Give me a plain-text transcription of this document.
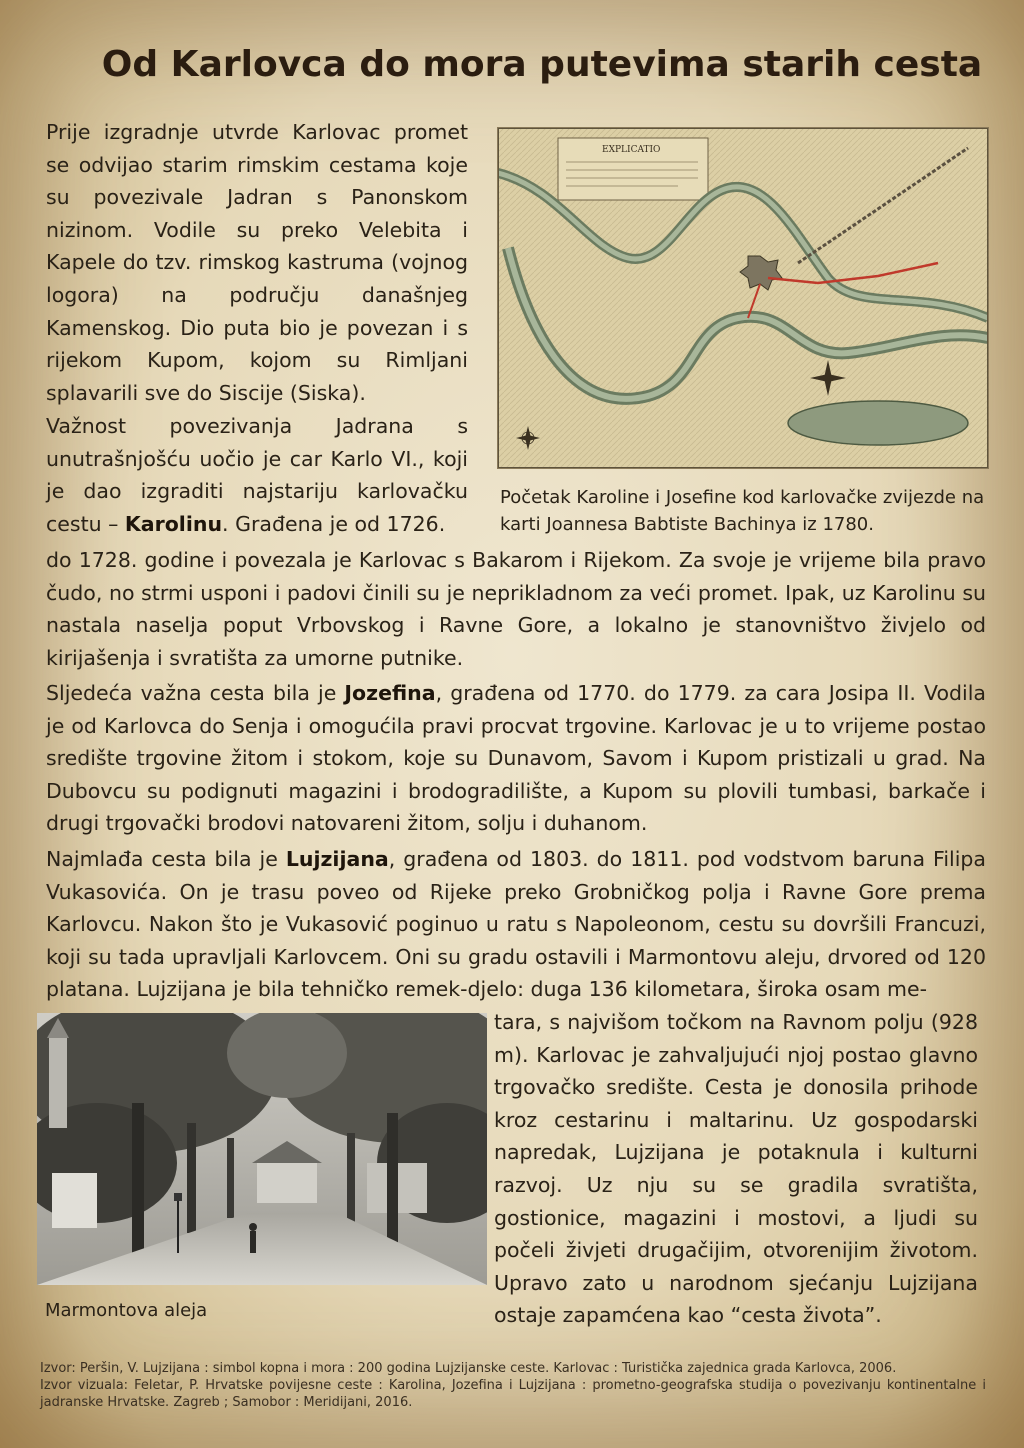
Od Karlovca do mora putevima starih cesta

Prije izgradnje utvrde Karlovac promet se odvijao starim rimskim cestama koje su povezivale Jadran s Panonskom nizinom. Vodile su preko Velebita i Kapele do tzv. rimskog kastruma (vojnog logora) na području današnjeg Kamenskog. Dio puta bio je povezan i s rijekom Kupom, kojom su Rimljani splavarili sve do Siscije (Siska).

Važnost povezivanja Jadrana s unutrašnjošću uočio je car Karlo VI., koji je dao izgraditi najstariju karlovačku cestu – Karolinu. Građena je od 1726.

EXPLICATIO

Početak Karoline i Josefine kod karlovačke zvijezde na karti Joannesa Babtiste Bachinya iz 1780.

do 1728. godine i povezala je Karlovac s Bakarom i Rijekom. Za svoje je vrijeme bila pravo čudo, no strmi usponi i padovi činili su je neprikladnom za veći promet. Ipak, uz Karolinu su nastala naselja poput Vrbovskog i Ravne Gore, a lokalno je stanovništvo živjelo od kirijašenja i svratišta za umorne putnike.

Sljedeća važna cesta bila je Jozefina, građena od 1770. do 1779. za cara Josipa II. Vodila je od Karlovca do Senja i omogućila pravi procvat trgovine. Karlovac je u to vrijeme postao središte trgovine žitom i stokom, koje su Dunavom, Savom i Kupom pristizali u grad. Na Dubovcu su podignuti magazini i brodogradilište, a Kupom su plovili tumbasi, barkače i drugi trgovački brodovi natovareni žitom, solju i duhanom.

Najmlađa cesta bila je Lujzijana, građena od 1803. do 1811. pod vodstvom baruna Filipa Vukasovića. On je trasu poveo od Rijeke preko Grobničkog polja i Ravne Gore prema Karlovcu. Nakon što je Vukasović poginuo u ratu s Napoleonom, cestu su dovršili Francuzi, koji su tada upravljali Karlovcem. Oni su gradu ostavili i Marmontovu aleju, drvored od 120 platana. Lujzijana je bila tehničko remek-djelo: duga 136 kilometara, široka osam me-

Marmontova aleja

tara, s najvišom točkom na Ravnom polju (928 m). Karlovac je zahvaljujući njoj postao glavno trgovačko središte. Cesta je donosila prihode kroz cestarinu i maltarinu. Uz gospodarski napredak, Lujzijana je potaknula i kulturni razvoj. Uz nju su se gradila svratišta, gostionice, magazini i mostovi, a ljudi su počeli živjeti drugačijim, otvorenijim životom. Upravo zato u narodnom sjećanju Lujzijana ostaje zapamćena kao “cesta života”.

Izvor: Peršin, V. Lujzijana : simbol kopna i mora : 200 godina Lujzijanske ceste. Karlovac : Turistička zajednica grada Karlovca, 2006.

Izvor vizuala: Feletar, P. Hrvatske povijesne ceste : Karolina, Jozefina i Lujzijana : prometno-geografska studija o povezivanju kontinentalne i jadranske Hrvatske. Zagreb ; Samobor : Meridijani, 2016.
